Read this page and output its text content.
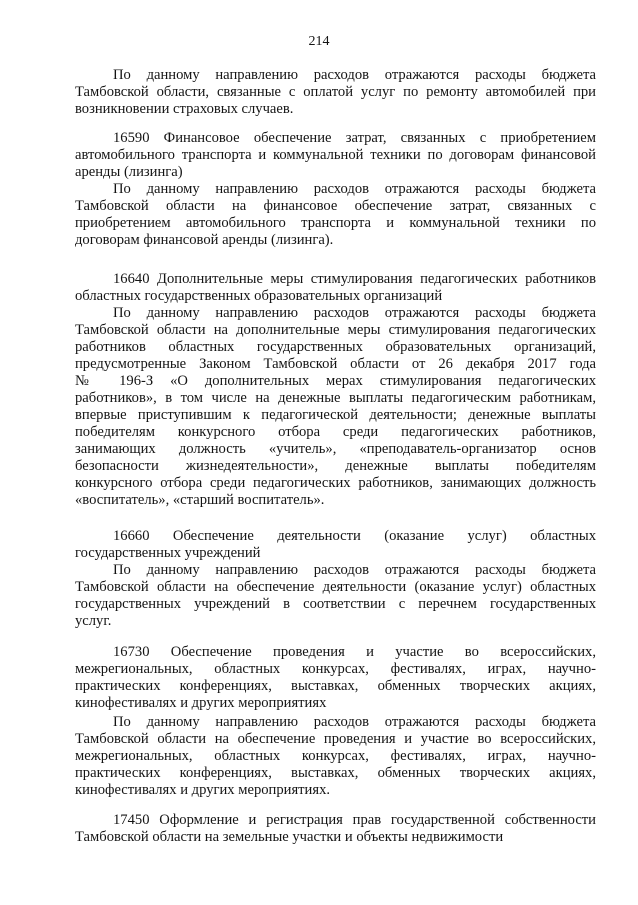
214
По данному направлению расходов отражаются расходы бюджета
Тамбовской области, связанные с оплатой услуг по ремонту автомобилей при
возникновении страховых случаев.
16590 Финансовое обеспечение затрат, связанных с приобретением
автомобильного транспорта и коммунальной техники по договорам финансовой
аренды (лизинга)
По данному направлению расходов отражаются расходы бюджета
Тамбовской области на финансовое обеспечение затрат, связанных с
приобретением автомобильного транспорта и коммунальной техники по
договорам финансовой аренды (лизинга).
16640 Дополнительные меры стимулирования педагогических работников
областных государственных образовательных организаций
По данному направлению расходов отражаются расходы бюджета
Тамбовской области на дополнительные меры стимулирования педагогических
работников областных государственных образовательных организаций,
предусмотренные Законом Тамбовской области от 26 декабря 2017 года
№ 196-З «О дополнительных мерах стимулирования педагогических
работников», в том числе на денежные выплаты педагогическим работникам,
впервые приступившим к педагогической деятельности; денежные выплаты
победителям конкурсного отбора среди педагогических работников,
занимающих должность «учитель», «преподаватель-организатор основ
безопасности жизнедеятельности», денежные выплаты победителям
конкурсного отбора среди педагогических работников, занимающих должность
«воспитатель», «старший воспитатель».
16660 Обеспечение деятельности (оказание услуг) областных
государственных учреждений
По данному направлению расходов отражаются расходы бюджета
Тамбовской области на обеспечение деятельности (оказание услуг) областных
государственных учреждений в соответствии с перечнем государственных
услуг.
16730 Обеспечение проведения и участие во всероссийских,
межрегиональных, областных конкурсах, фестивалях, играх, научно-
практических конференциях, выставках, обменных творческих акциях,
кинофестивалях и других мероприятиях
По данному направлению расходов отражаются расходы бюджета
Тамбовской области на обеспечение проведения и участие во всероссийских,
межрегиональных, областных конкурсах, фестивалях, играх, научно-
практических конференциях, выставках, обменных творческих акциях,
кинофестивалях и других мероприятиях.
17450 Оформление и регистрация прав государственной собственности
Тамбовской области на земельные участки и объекты недвижимости
